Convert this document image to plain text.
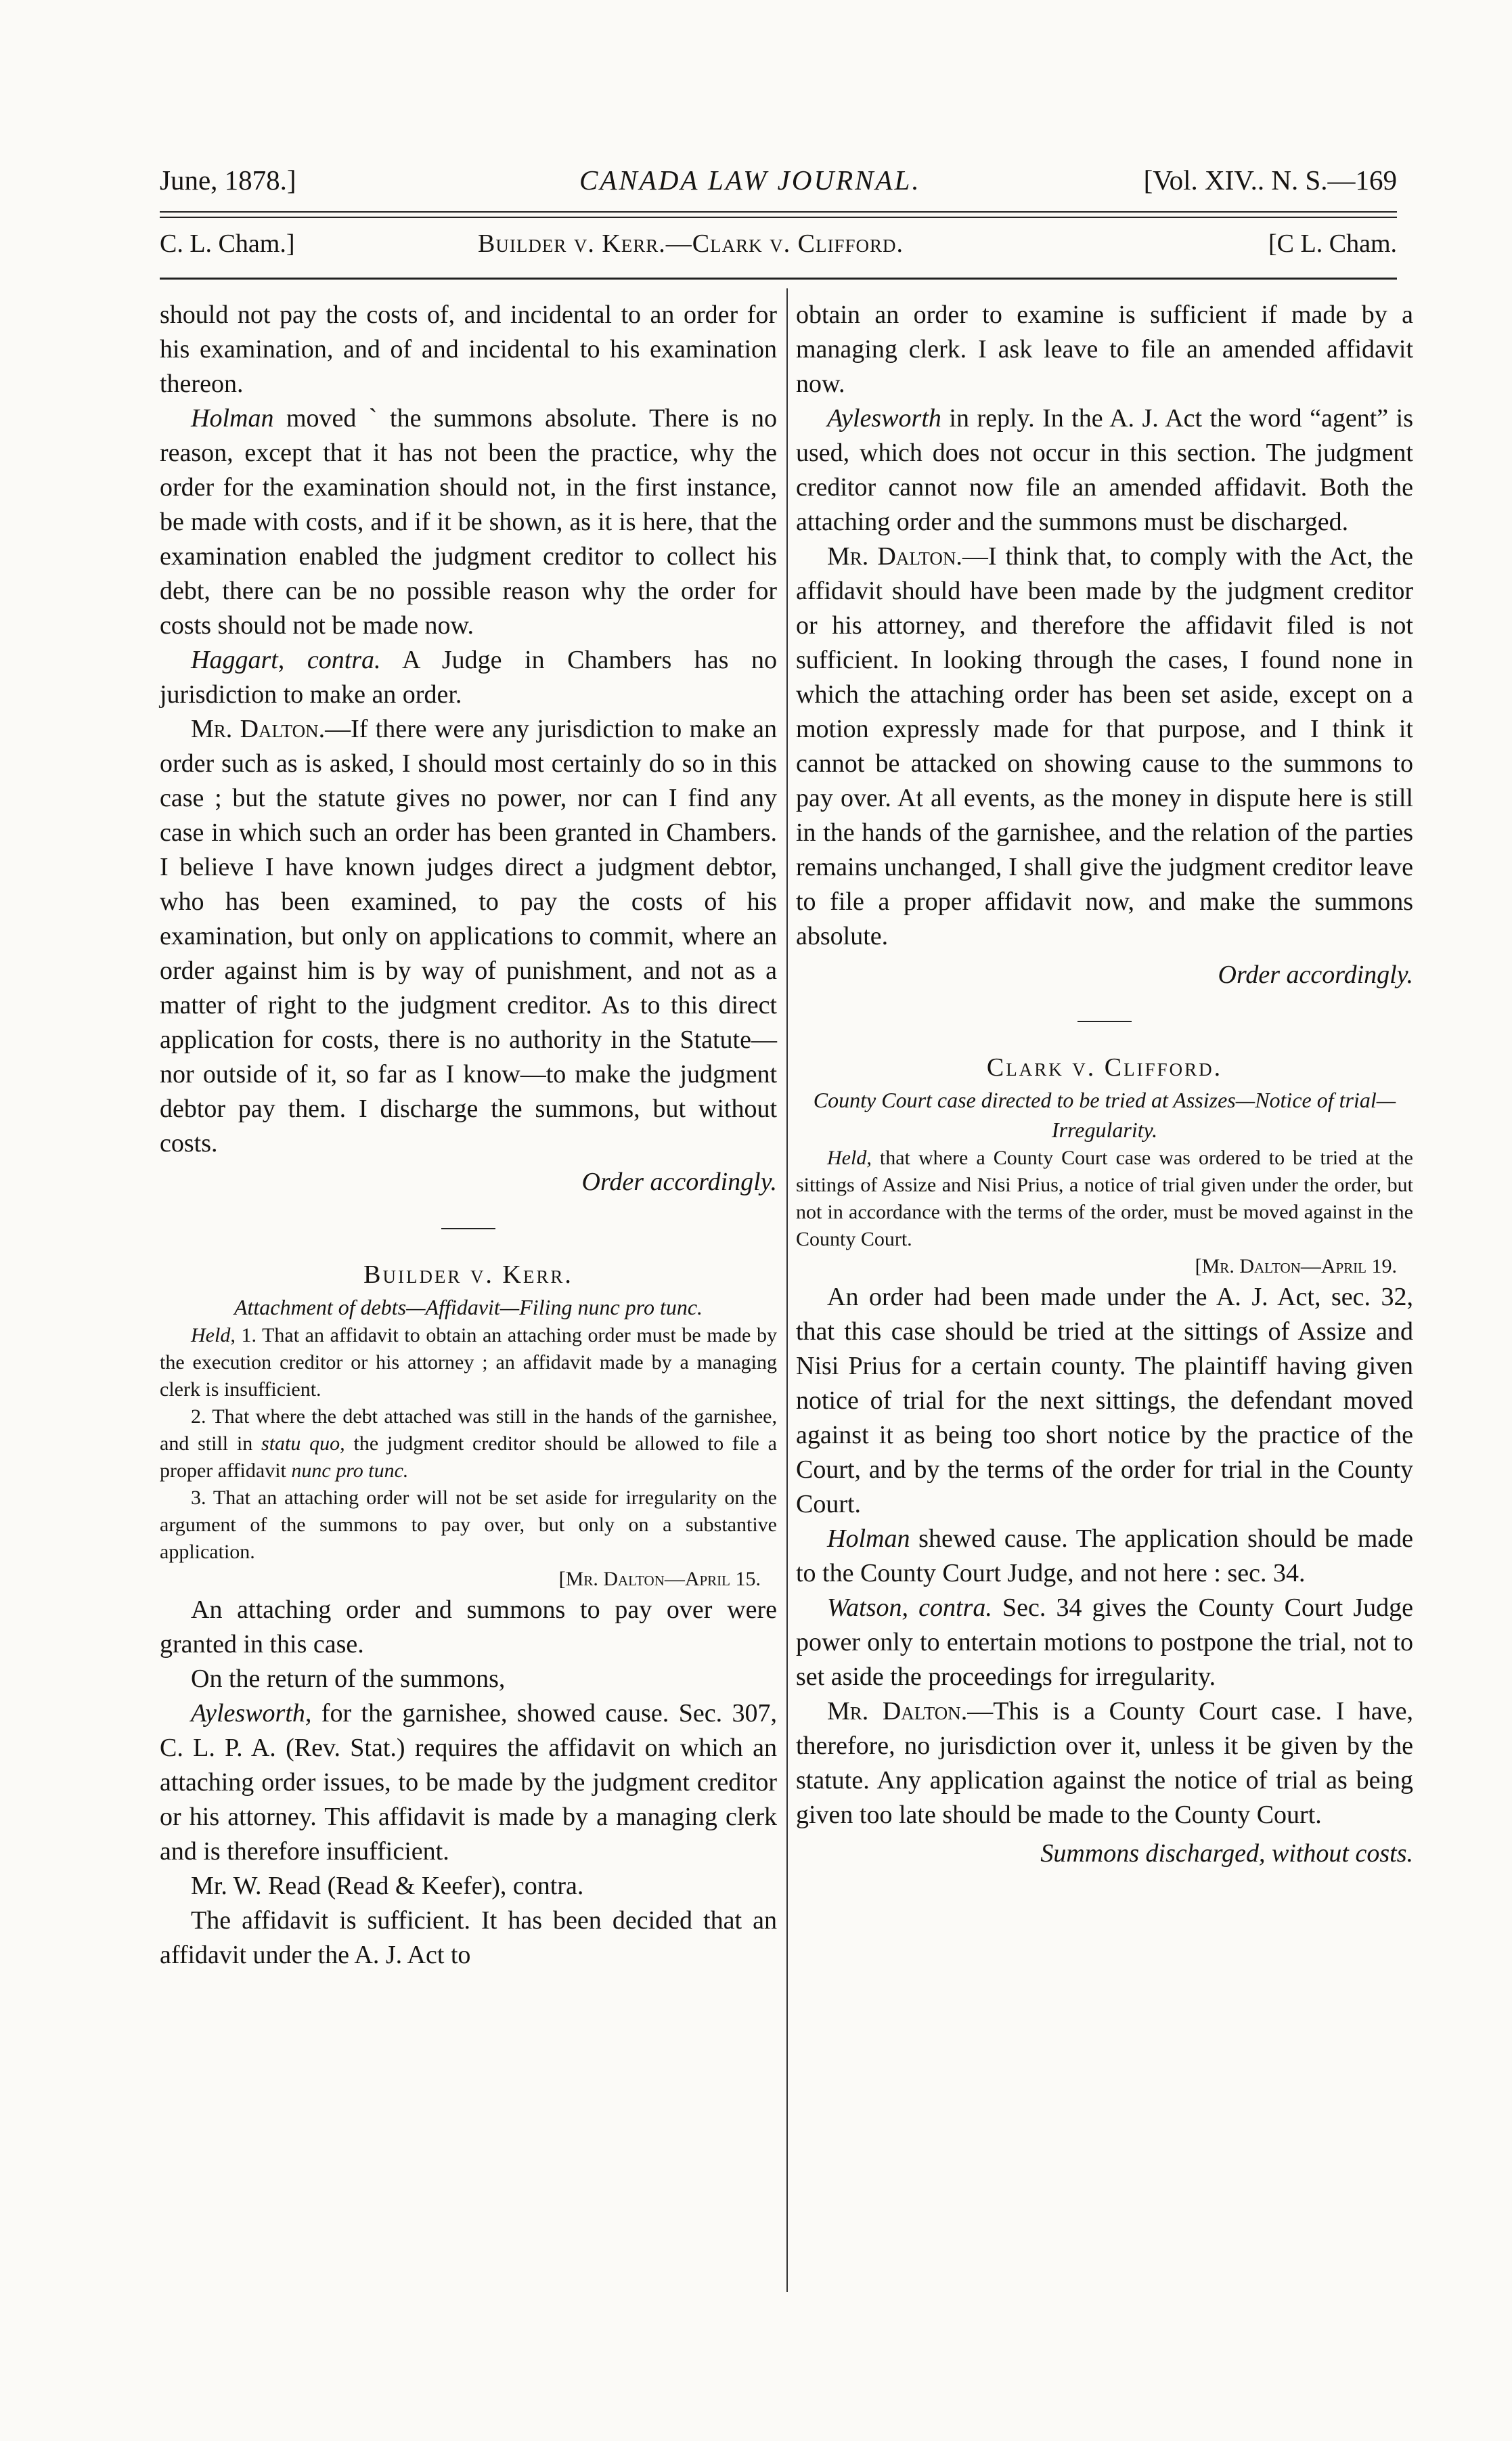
June, 1878.]	CANADA LAW JOURNAL.	[Vol. XIV.. N. S.—169
C. L. Cham.]	Builder v. Kerr.—Clark v. Clifford.	[C L. Cham.

should not pay the costs of, and incidental to an order for his examination, and of and incidental to his examination thereon.

Holman moved ` the summons absolute. There is no reason, except that it has not been the practice, why the order for the examination should not, in the first instance, be made with costs, and if it be shown, as it is here, that the examination enabled the judgment creditor to collect his debt, there can be no possible reason why the order for costs should not be made now.

Haggart, contra. A Judge in Chambers has no jurisdiction to make an order.

Mr. Dalton.—If there were any jurisdiction to make an order such as is asked, I should most certainly do so in this case ; but the statute gives no power, nor can I find any case in which such an order has been granted in Chambers. I believe I have known judges direct a judgment debtor, who has been examined, to pay the costs of his examination, but only on applications to commit, where an order against him is by way of punishment, and not as a matter of right to the judgment creditor. As to this direct application for costs, there is no authority in the Statute—nor outside of it, so far as I know—to make the judgment debtor pay them. I discharge the summons, but without costs.

Order accordingly.

Builder v. Kerr.

Attachment of debts—Affidavit—Filing nunc pro tunc.

Held, 1. That an affidavit to obtain an attaching order must be made by the execution creditor or his attorney ; an affidavit made by a managing clerk is insufficient.

2. That where the debt attached was still in the hands of the garnishee, and still in statu quo, the judgment creditor should be allowed to file a proper affidavit nunc pro tunc.

3. That an attaching order will not be set aside for irregularity on the argument of the summons to pay over, but only on a substantive application.

[Mr. Dalton—April 15.

An attaching order and summons to pay over were granted in this case.

On the return of the summons,

Aylesworth, for the garnishee, showed cause. Sec. 307, C. L. P. A. (Rev. Stat.) requires the affidavit on which an attaching order issues, to be made by the judgment creditor or his attorney. This affidavit is made by a managing clerk and is therefore insufficient.

Mr. W. Read (Read & Keefer), contra.

The affidavit is sufficient. It has been decided that an affidavit under the A. J. Act to

obtain an order to examine is sufficient if made by a managing clerk. I ask leave to file an amended affidavit now.

Aylesworth in reply. In the A. J. Act the word “agent” is used, which does not occur in this section. The judgment creditor cannot now file an amended affidavit. Both the attaching order and the summons must be discharged.

Mr. Dalton.—I think that, to comply with the Act, the affidavit should have been made by the judgment creditor or his attorney, and therefore the affidavit filed is not sufficient. In looking through the cases, I found none in which the attaching order has been set aside, except on a motion expressly made for that purpose, and I think it cannot be attacked on showing cause to the summons to pay over. At all events, as the money in dispute here is still in the hands of the garnishee, and the relation of the parties remains unchanged, I shall give the judgment creditor leave to file a proper affidavit now, and make the summons absolute.

Order accordingly.

Clark v. Clifford.

County Court case directed to be tried at Assizes—Notice of trial—Irregularity.

Held, that where a County Court case was ordered to be tried at the sittings of Assize and Nisi Prius, a notice of trial given under the order, but not in accordance with the terms of the order, must be moved against in the County Court.

[Mr. Dalton—April 19.

An order had been made under the A. J. Act, sec. 32, that this case should be tried at the sittings of Assize and Nisi Prius for a certain county. The plaintiff having given notice of trial for the next sittings, the defendant moved against it as being too short notice by the practice of the Court, and by the terms of the order for trial in the County Court.

Holman shewed cause. The application should be made to the County Court Judge, and not here : sec. 34.

Watson, contra. Sec. 34 gives the County Court Judge power only to entertain motions to postpone the trial, not to set aside the proceedings for irregularity.

Mr. Dalton.—This is a County Court case. I have, therefore, no jurisdiction over it, unless it be given by the statute. Any application against the notice of trial as being given too late should be made to the County Court.

Summons discharged, without costs.
